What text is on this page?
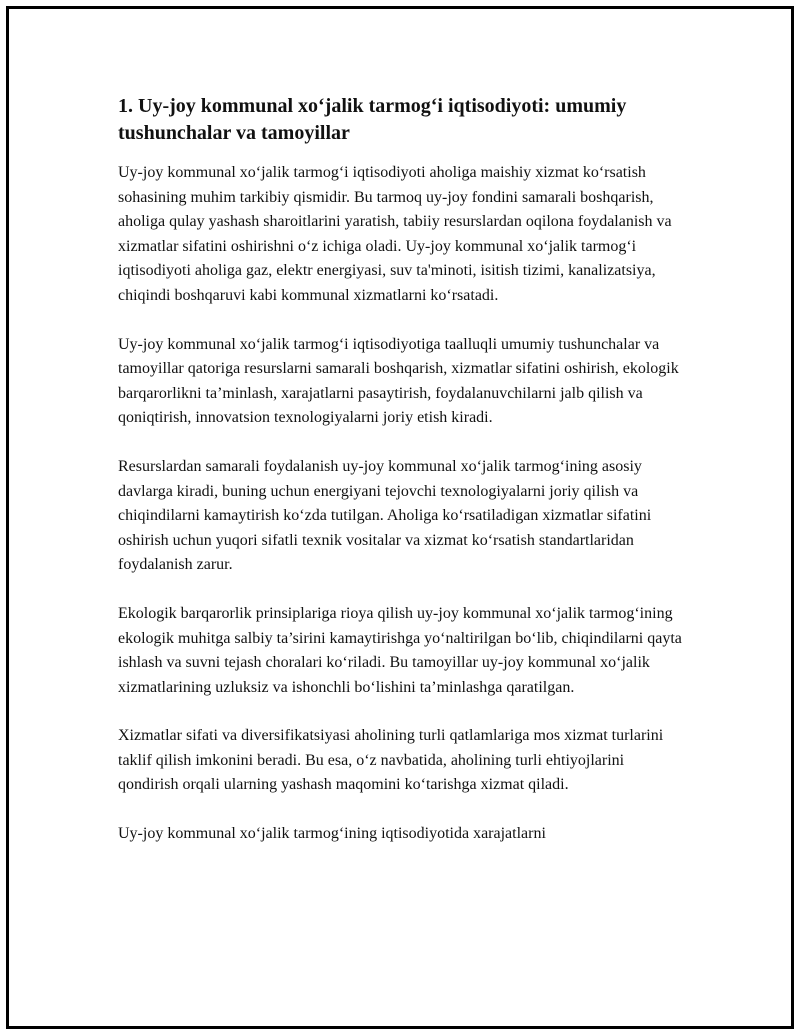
1. Uy-joy kommunal xo‘jalik tarmog‘i iqtisodiyoti: umumiy tushunchalar va tamoyillar

Uy-joy kommunal xo‘jalik tarmog‘i iqtisodiyoti aholiga maishiy xizmat ko‘rsatish sohasining muhim tarkibiy qismidir. Bu tarmoq uy-joy fondini samarali boshqarish, aholiga qulay yashash sharoitlarini yaratish, tabiiy resurslardan oqilona foydalanish va xizmatlar sifatini oshirishni o‘z ichiga oladi. Uy-joy kommunal xo‘jalik tarmog‘i iqtisodiyoti aholiga gaz, elektr energiyasi, suv ta'minoti, isitish tizimi, kanalizatsiya, chiqindi boshqaruvi kabi kommunal xizmatlarni ko‘rsatadi.

Uy-joy kommunal xo‘jalik tarmog‘i iqtisodiyotiga taalluqli umumiy tushunchalar va tamoyillar qatoriga resurslarni samarali boshqarish, xizmatlar sifatini oshirish, ekologik barqarorlikni ta’minlash, xarajatlarni pasaytirish, foydalanuvchilarni jalb qilish va qoniqtirish, innovatsion texnologiyalarni joriy etish kiradi.

Resurslardan samarali foydalanish uy-joy kommunal xo‘jalik tarmog‘ining asosiy davlarga kiradi, buning uchun energiyani tejovchi texnologiyalarni joriy qilish va chiqindilarni kamaytirish ko‘zda tutilgan. Aholiga ko‘rsatiladigan xizmatlar sifatini oshirish uchun yuqori sifatli texnik vositalar va xizmat ko‘rsatish standartlaridan foydalanish zarur.

Ekologik barqarorlik prinsiplariga rioya qilish uy-joy kommunal xo‘jalik tarmog‘ining ekologik muhitga salbiy ta’sirini kamaytirishga yo‘naltirilgan bo‘lib, chiqindilarni qayta ishlash va suvni tejash choralari ko‘riladi. Bu tamoyillar uy-joy kommunal xo‘jalik xizmatlarining uzluksiz va ishonchli bo‘lishini ta’minlashga qaratilgan.

Xizmatlar sifati va diversifikatsiyasi aholining turli qatlamlariga mos xizmat turlarini taklif qilish imkonini beradi. Bu esa, o‘z navbatida, aholining turli ehtiyojlarini qondirish orqali ularning yashash maqomini ko‘tarishga xizmat qiladi.

Uy-joy kommunal xo‘jalik tarmog‘ining iqtisodiyotida xarajatlarni
